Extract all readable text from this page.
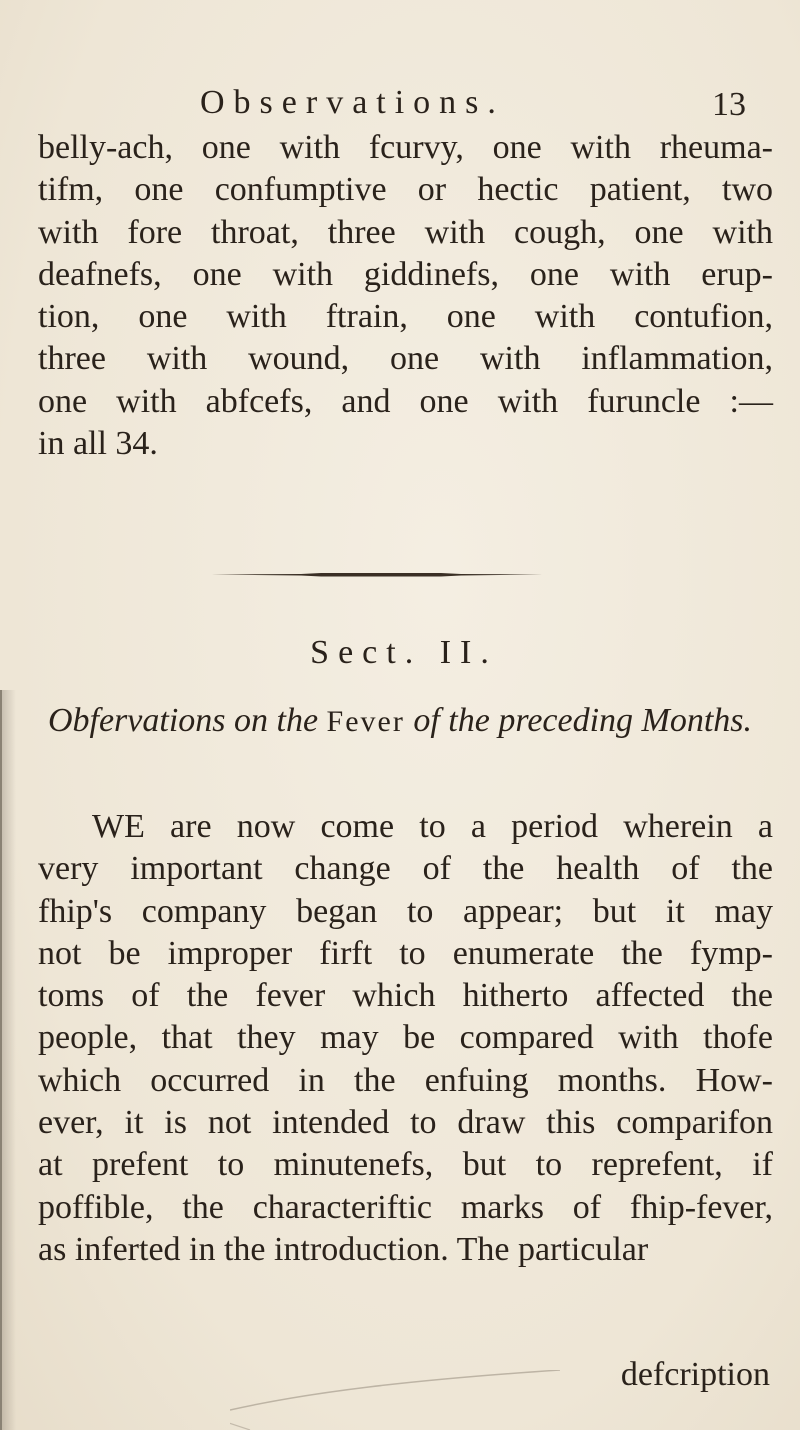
Observations.	13

belly-ach, one with fcurvy, one with rheuma-
tifm, one confumptive or hectic patient, two
with fore throat, three with cough, one with
deafnefs, one with giddinefs, one with erup-
tion, one with ftrain, one with contufion,
three with wound, one with inflammation,
one with abfcefs, and one with furuncle :—
in all 34.

Sect. II.
Obfervations on the Fever of the preceding Months.

WE are now come to a period wherein a
very important change of the health of the
fhip's company began to appear; but it may
not be improper firft to enumerate the fymp-
toms of the fever which hitherto affected the
people, that they may be compared with thofe
which occurred in the enfuing months. How-
ever, it is not intended to draw this comparifon
at prefent to minutenefs, but to reprefent, if
poffible, the characteriftic marks of fhip-fever,
as inferted in the introduction. The particular

defcription
